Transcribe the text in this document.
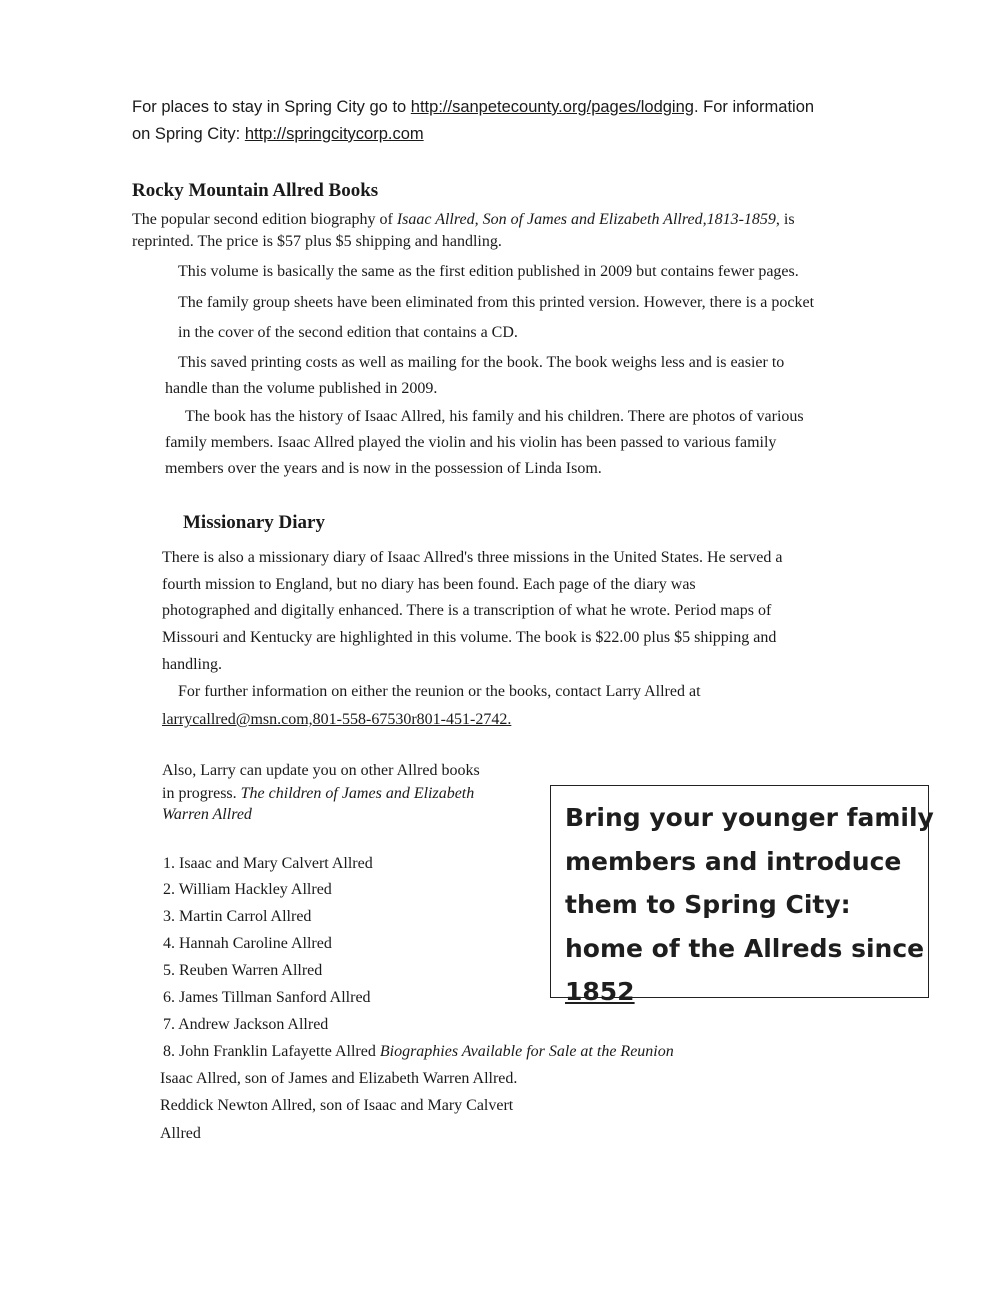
For places to stay in Spring City go to http://sanpetecounty.org/pages/lodging. For information
on Spring City: http://springcitycorp.com
Rocky Mountain Allred Books
The popular second edition biography of Isaac Allred, Son of James and Elizabeth Allred,1813-1859, is
reprinted. The price is $57 plus $5 shipping and handling.
This volume is basically the same as the first edition published in 2009 but contains fewer pages.
The family group sheets have been eliminated from this printed version. However, there is a pocket
in the cover of the second edition that contains a CD.
This saved printing costs as well as mailing for the book. The book weighs less and is easier to
handle than the volume published in 2009.
The book has the history of Isaac Allred, his family and his children. There are photos of various
family members. Isaac Allred played the violin and his violin has been passed to various family
members over the years and is now in the possession of Linda Isom.
Missionary Diary
There is also a missionary diary of Isaac Allred's three missions in the United States. He served a
fourth mission to England, but no diary has been found. Each page of the diary was
photographed and digitally enhanced. There is a transcription of what he wrote. Period maps of
Missouri and Kentucky are highlighted in this volume. The book is $22.00 plus $5 shipping and
handling.
For further information on either the reunion or the books, contact Larry Allred at
larrycallred@msn.com,801-558-67530r801-451-2742.
Also, Larry can update you on other Allred books
in progress. The children of James and Elizabeth
Warren Allred
1. Isaac and Mary Calvert Allred
2. William Hackley Allred
3. Martin Carrol Allred
4. Hannah Caroline Allred
5. Reuben Warren Allred
6. James Tillman Sanford Allred
7. Andrew Jackson Allred
8. John Franklin Lafayette Allred Biographies Available for Sale at the Reunion
Isaac Allred, son of James and Elizabeth Warren Allred.
Reddick Newton Allred, son of Isaac and Mary Calvert
Allred
Bring your younger family
members and introduce
them to Spring City:
home of the Allreds since
1852
